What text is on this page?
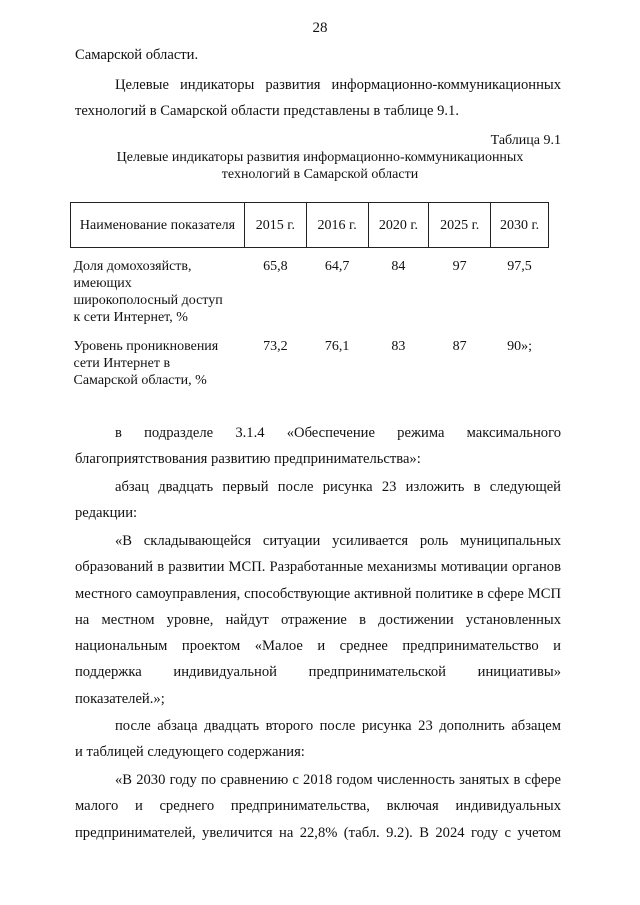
28
Самарской области.
Целевые индикаторы развития информационно-коммуникационных
технологий в Самарской области представлены в таблице 9.1.
Таблица 9.1
Целевые индикаторы развития информационно-коммуникационных
технологий в Самарской области
Наименование показателя	2015 г.	2016 г.	2020 г.	2025 г.	2030 г.

Доля домохозяйств,
имеющих
широкополосный доступ
к сети Интернет, %	65,8	64,7	84	97	97,5

Уровень проникновения
сети Интернет в
Самарской области, %	73,2	76,1	83	87	90»;
в подразделе 3.1.4 «Обеспечение режима максимального
благоприятствования развитию предпринимательства»:
абзац двадцать первый после рисунка 23 изложить в следующей
редакции:
«В складывающейся ситуации усиливается роль муниципальных
образований в развитии МСП. Разработанные механизмы мотивации органов
местного самоуправления, способствующие активной политике в сфере МСП
на местном уровне, найдут отражение в достижении установленных
национальным проектом «Малое и среднее предпринимательство и
поддержка индивидуальной предпринимательской инициативы»
показателей.»;
после абзаца двадцать второго после рисунка 23 дополнить абзацем
и таблицей следующего содержания:
«В 2030 году по сравнению с 2018 годом численность занятых в сфере
малого и среднего предпринимательства, включая индивидуальных
предпринимателей, увеличится на 22,8% (табл. 9.2). В 2024 году с учетом
